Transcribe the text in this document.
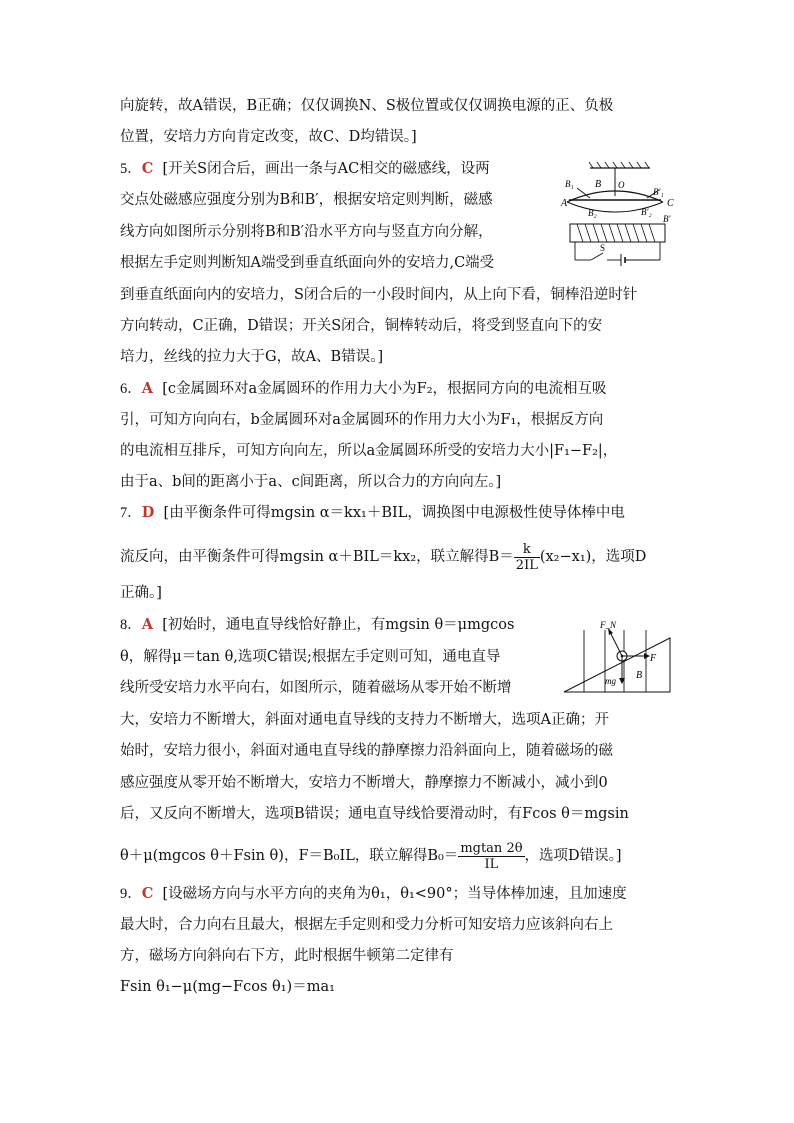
向旋转，故A错误，B正确；仅仅调换N、S极位置或仅仅调换电源的正、负极
位置，安培力方向肯定改变，故C、D均错误。]
5．C [开关S闭合后，画出一条与AC相交的磁感线，设两
交点处磁感应强度分别为B和B′，根据安培定则判断，磁感
线方向如图所示分别将B和B′沿水平方向与竖直方向分解，
根据左手定则判断知A端受到垂直纸面向外的安培力,C端受
到垂直纸面向内的安培力，S闭合后的一小段时间内，从上向下看，铜棒沿逆时针
方向转动，C正确，D错误；开关S闭合，铜棒转动后，将受到竖直向下的安
培力，丝线的拉力大于G，故A、B错误。]
A
B₁ B O
B₂
B′₁
C
B′₂
B′
S
6．A [c金属圆环对a金属圆环的作用力大小为F₂，根据同方向的电流相互吸
引，可知方向向右，b金属圆环对a金属圆环的作用力大小为F₁，根据反方向
的电流相互排斥，可知方向向左，所以a金属圆环所受的安培力大小|F₁−F₂|，
由于a、b间的距离小于a、c间距离，所以合力的方向向左。]
7．D [由平衡条件可得mgsin α＝kx₁＋BIL，调换图中电源极性使导体棒中电
流反向，由平衡条件可得mgsin α＋BIL＝kx₂，联立解得$B= \frac{k}{2IL} (x_2-x_1)$，选项D
正确。]
8．A [初始时，通电直导线恰好静止，有mgsin θ＝μmgcos
θ，解得μ＝tan θ,选项C错误;根据左手定则可知，通电直导
线所受安培力水平向右，如图所示，随着磁场从零开始不断增
大，安培力不断增大，斜面对通电直导线的支持力不断增大，选项A正确；开
始时，安培力很小，斜面对通电直导线的静摩擦力沿斜面向上，随着磁场的磁
感应强度从零开始不断增大，安培力不断增大，静摩擦力不断减小，减小到0
后，又反向不断增大，选项B错误；通电直导线恰要滑动时，有Fcos θ＝mgsin
θ＋μ(mgcos θ＋Fsin θ)，F＝B₀IL，联立解得$B_0= \frac{mgtan 2\theta}{IL}$ ，选项D错误。]
F_N
F
mg B
9．C [设磁场方向与水平方向的夹角为θ₁，θ₁<90°；当导体棒加速，且加速度
最大时，合力向右且最大，根据左手定则和受力分析可知安培力应该斜向右上
方，磁场方向斜向右下方，此时根据牛顿第二定律有
Fsin θ₁−μ(mg−Fcos θ₁)＝ma₁
